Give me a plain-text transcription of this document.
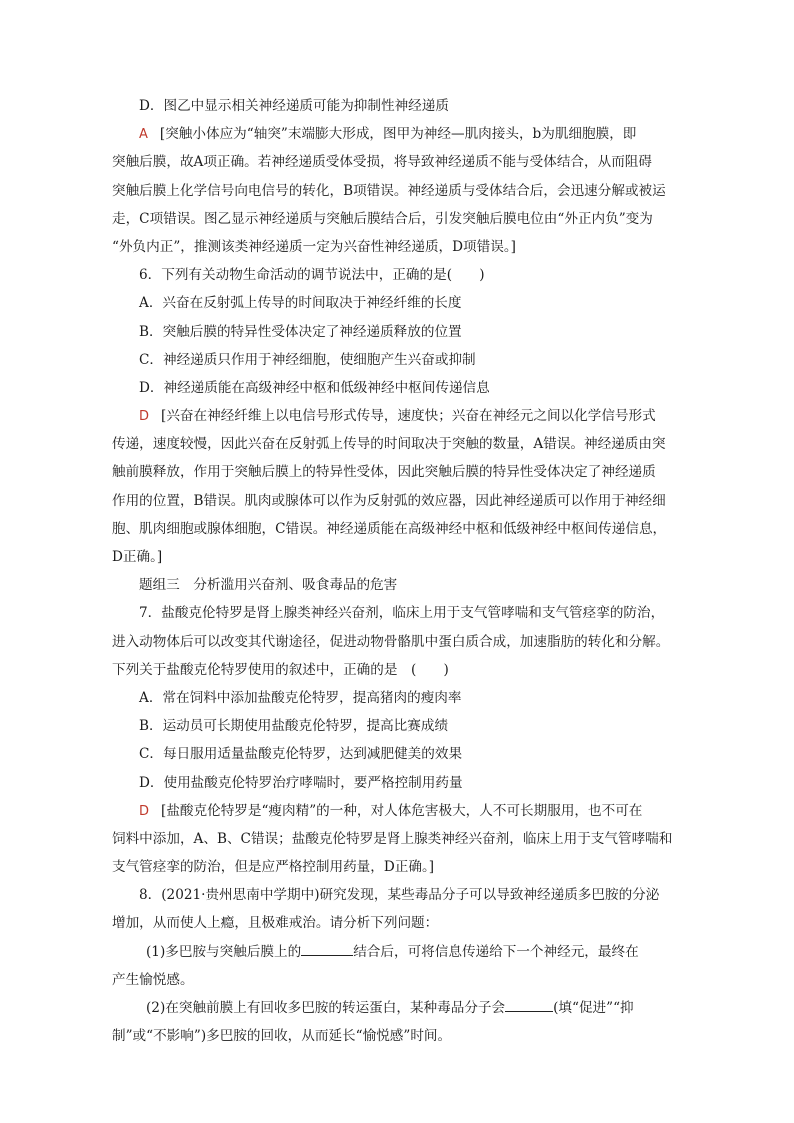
D．图乙中显示相关神经递质可能为抑制性神经递质
A [突触小体应为“轴突”末端膨大形成，图甲为神经—肌肉接头，b为肌细胞膜，即
突触后膜，故A项正确。若神经递质受体受损，将导致神经递质不能与受体结合，从而阻碍
突触后膜上化学信号向电信号的转化，B项错误。神经递质与受体结合后，会迅速分解或被运
走，C项错误。图乙显示神经递质与突触后膜结合后，引发突触后膜电位由“外正内负”变为
“外负内正”，推测该类神经递质一定为兴奋性神经递质，D项错误。]
6．下列有关动物生命活动的调节说法中，正确的是(　　)
A．兴奋在反射弧上传导的时间取决于神经纤维的长度
B．突触后膜的特异性受体决定了神经递质释放的位置
C．神经递质只作用于神经细胞，使细胞产生兴奋或抑制
D．神经递质能在高级神经中枢和低级神经中枢间传递信息
D [兴奋在神经纤维上以电信号形式传导，速度快；兴奋在神经元之间以化学信号形式
传递，速度较慢，因此兴奋在反射弧上传导的时间取决于突触的数量，A错误。神经递质由突
触前膜释放，作用于突触后膜上的特异性受体，因此突触后膜的特异性受体决定了神经递质
作用的位置，B错误。肌肉或腺体可以作为反射弧的效应器，因此神经递质可以作用于神经细
胞、肌肉细胞或腺体细胞，C错误。神经递质能在高级神经中枢和低级神经中枢间传递信息，
D正确。]
题组三　分析滥用兴奋剂、吸食毒品的危害
7．盐酸克伦特罗是肾上腺类神经兴奋剂，临床上用于支气管哮喘和支气管痉挛的防治，
进入动物体后可以改变其代谢途径，促进动物骨骼肌中蛋白质合成，加速脂肪的转化和分解。
下列关于盐酸克伦特罗使用的叙述中，正确的是　(　　)
A．常在饲料中添加盐酸克伦特罗，提高猪肉的瘦肉率
B．运动员可长期使用盐酸克伦特罗，提高比赛成绩
C．每日服用适量盐酸克伦特罗，达到减肥健美的效果
D．使用盐酸克伦特罗治疗哮喘时，要严格控制用药量
D [盐酸克伦特罗是“瘦肉精”的一种，对人体危害极大，人不可长期服用，也不可在
饲料中添加，A、B、C错误；盐酸克伦特罗是肾上腺类神经兴奋剂，临床上用于支气管哮喘和
支气管痉挛的防治，但是应严格控制用药量，D正确。]
8．(2021·贵州思南中学期中)研究发现，某些毒品分子可以导致神经递质多巴胺的分泌
增加，从而使人上瘾，且极难戒治。请分析下列问题：
(1)多巴胺与突触后膜上的	结合后，可将信息传递给下一个神经元，最终在
产生愉悦感。
(2)在突触前膜上有回收多巴胺的转运蛋白，某种毒品分子会	(填“促进”“抑
制”或“不影响”)多巴胺的回收，从而延长“愉悦感”时间。
